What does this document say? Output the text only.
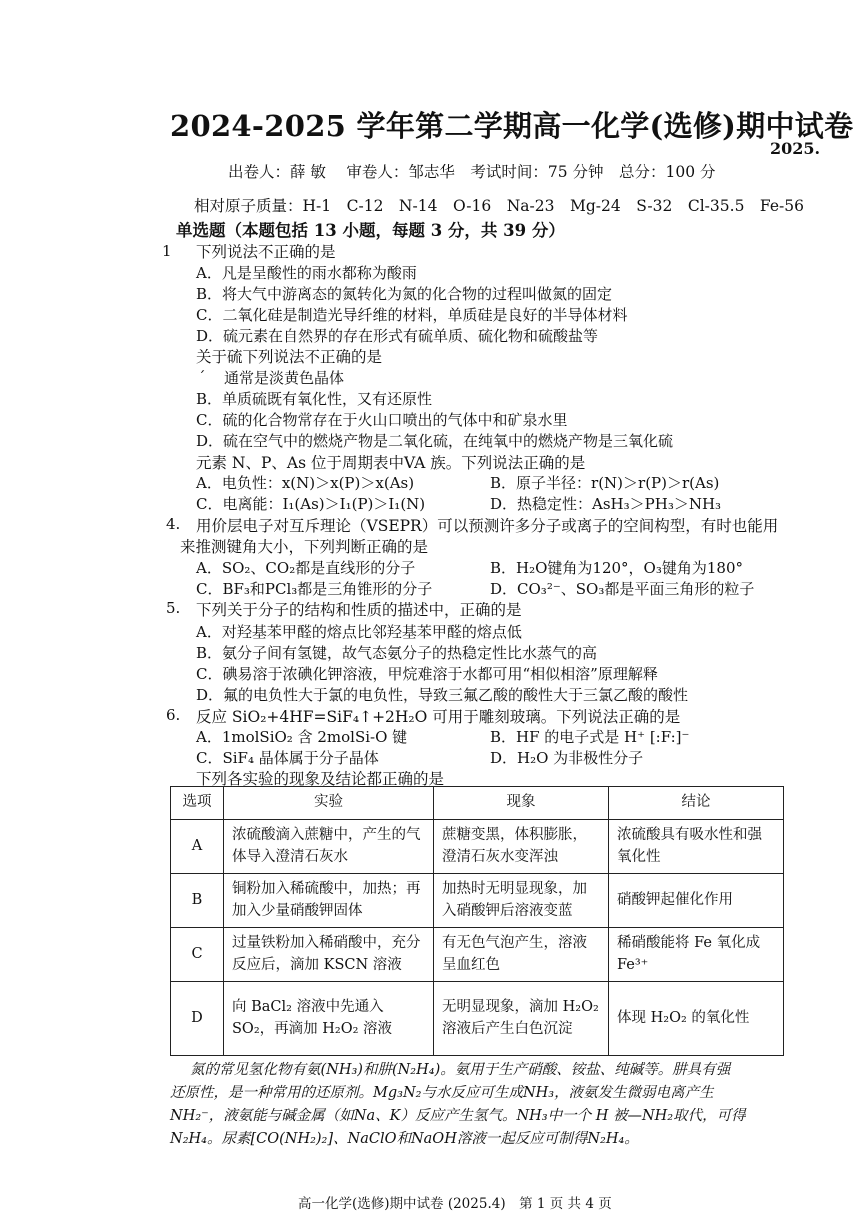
2024-2025 学年第二学期高一化学(选修)期中试卷
2025.
出卷人：薛 敏　 审卷人：邹志华　考试时间：75 分钟　总分：100 分
相对原子质量：H-1　C-12　N-14　O-16　Na-23　Mg-24　S-32　Cl-35.5　Fe-56
单选题（本题包括 13 小题，每题 3 分，共 39 分）
1 下列说法不正确的是
A．凡是呈酸性的雨水都称为酸雨
B．将大气中游离态的氮转化为氮的化合物的过程叫做氮的固定
C．二氧化硅是制造光导纤维的材料，单质硅是良好的半导体材料
D．硫元素在自然界的存在形式有硫单质、硫化物和硫酸盐等
关于硫下列说法不正确的是
ˊ 通常是淡黄色晶体
B．单质硫既有氧化性，又有还原性
C．硫的化合物常存在于火山口喷出的气体中和矿泉水里
D．硫在空气中的燃烧产物是二氧化硫，在纯氧中的燃烧产物是三氧化硫
元素 N、P、As 位于周期表中VA 族。下列说法正确的是
A．电负性：x(N)＞x(P)＞x(As)	B．原子半径：r(N)＞r(P)＞r(As)
C．电离能：I₁(As)＞I₁(P)＞I₁(N)	D．热稳定性：AsH₃＞PH₃＞NH₃
4. 用价层电子对互斥理论（VSEPR）可以预测许多分子或离子的空间构型，有时也能用
来推测键角大小，下列判断正确的是
A．SO₂、CO₂都是直线形的分子	B．H₂O键角为120°，O₃键角为180°
C．BF₃和PCl₃都是三角锥形的分子	D．CO₃²⁻、SO₃都是平面三角形的粒子
5. 下列关于分子的结构和性质的描述中，正确的是
A．对羟基苯甲醛的熔点比邻羟基苯甲醛的熔点低
B．氨分子间有氢键，故气态氨分子的热稳定性比水蒸气的高
C．碘易溶于浓碘化钾溶液，甲烷难溶于水都可用“相似相溶”原理解释
D．氟的电负性大于氯的电负性，导致三氟乙酸的酸性大于三氯乙酸的酸性
6. 反应 SiO₂+4HF=SiF₄↑+2H₂O 可用于雕刻玻璃。下列说法正确的是
A．1molSiO₂ 含 2molSi-O 键	B．HF 的电子式是 H⁺ [:F:]⁻
C．SiF₄ 晶体属于分子晶体	D．H₂O 为非极性分子
下列各实验的现象及结论都正确的是
选项	实验	现象	结论
A	浓硫酸滴入蔗糖中，产生的气体导入澄清石灰水	蔗糖变黑，体积膨胀，澄清石灰水变浑浊	浓硫酸具有吸水性和强氧化性
B	铜粉加入稀硫酸中，加热；再加入少量硝酸钾固体	加热时无明显现象，加入硝酸钾后溶液变蓝	硝酸钾起催化作用
C	过量铁粉加入稀硝酸中，充分反应后，滴加 KSCN 溶液	有无色气泡产生，溶液呈血红色	稀硝酸能将 Fe 氧化成 Fe³⁺
D	向 BaCl₂ 溶液中先通入 SO₂，再滴加 H₂O₂ 溶液	无明显现象，滴加 H₂O₂ 溶液后产生白色沉淀	体现 H₂O₂ 的氧化性
氮的常见氢化物有氨(NH₃)和肼(N₂H₄)。氨用于生产硝酸、铵盐、纯碱等。肼具有强
还原性，是一种常用的还原剂。Mg₃N₂与水反应可生成NH₃，液氨发生微弱电离产生
NH₂⁻，液氨能与碱金属（如Na、K）反应产生氢气。NH₃中一个 H 被—NH₂取代，可得
N₂H₄。尿素[CO(NH₂)₂]、NaClO和NaOH溶液一起反应可制得N₂H₄。
高一化学(选修)期中试卷 (2025.4)　第 1 页 共 4 页
